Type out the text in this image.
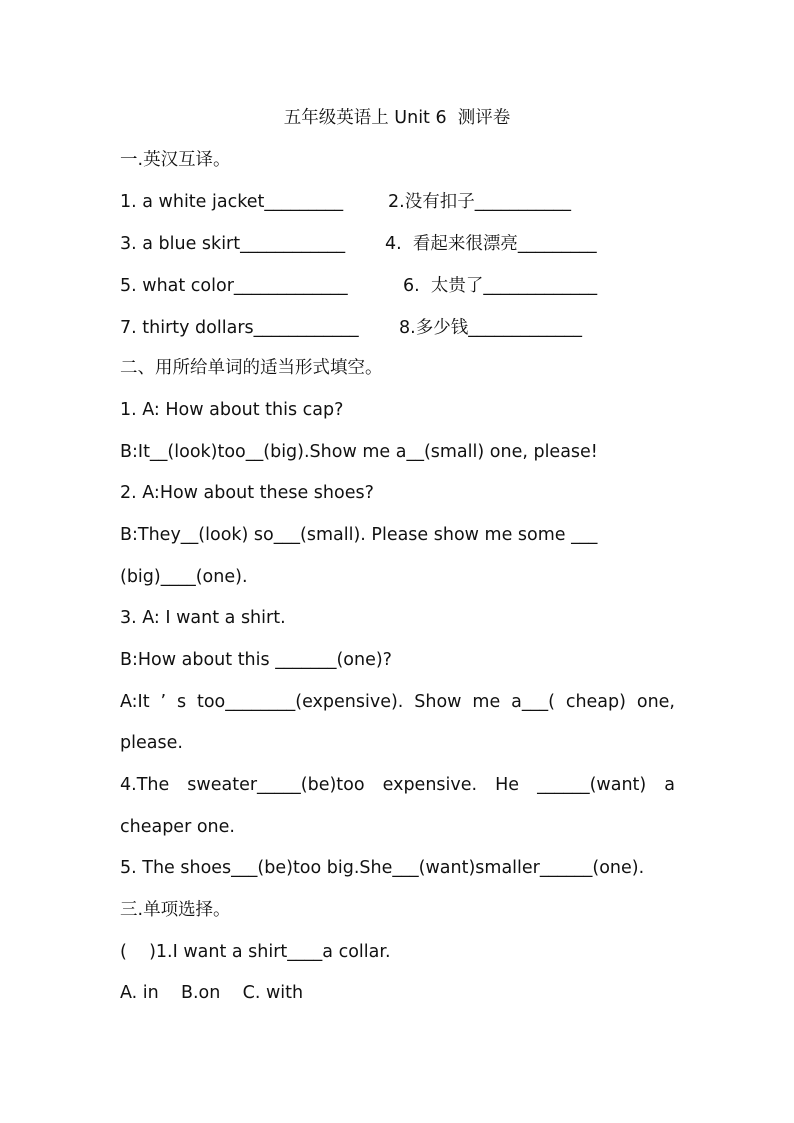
五年级英语上 Unit 6  测评卷
一.英汉互译。

1. a white jacket_________

	2.没有扣子___________

3. a blue skirt____________

4.  看起来很漂亮_________

5. what color_____________

	6.  太贵了_____________

7. thirty dollars____________

8.多少钱_____________

二、用所给单词的适当形式填空。
1. A: How about this cap?
B:It__(look)too__(big).Show me a__(small) one, please!
2. A:How about these shoes?
B:They__(look) so___(small). Please show me some ___
(big)____(one).
3. A: I want a shirt.
B:How about this _______(one)?
A:It ’ s too________(expensive). Show me a___( cheap) one,
please.
4.The sweater_____(be)too expensive. He ______(want) a
cheaper one.
5. The shoes___(be)too big.She___(want)smaller______(one).
三.单项选择。
(    )1.I want a shirt____a collar.
A. in    B.on    C. with
